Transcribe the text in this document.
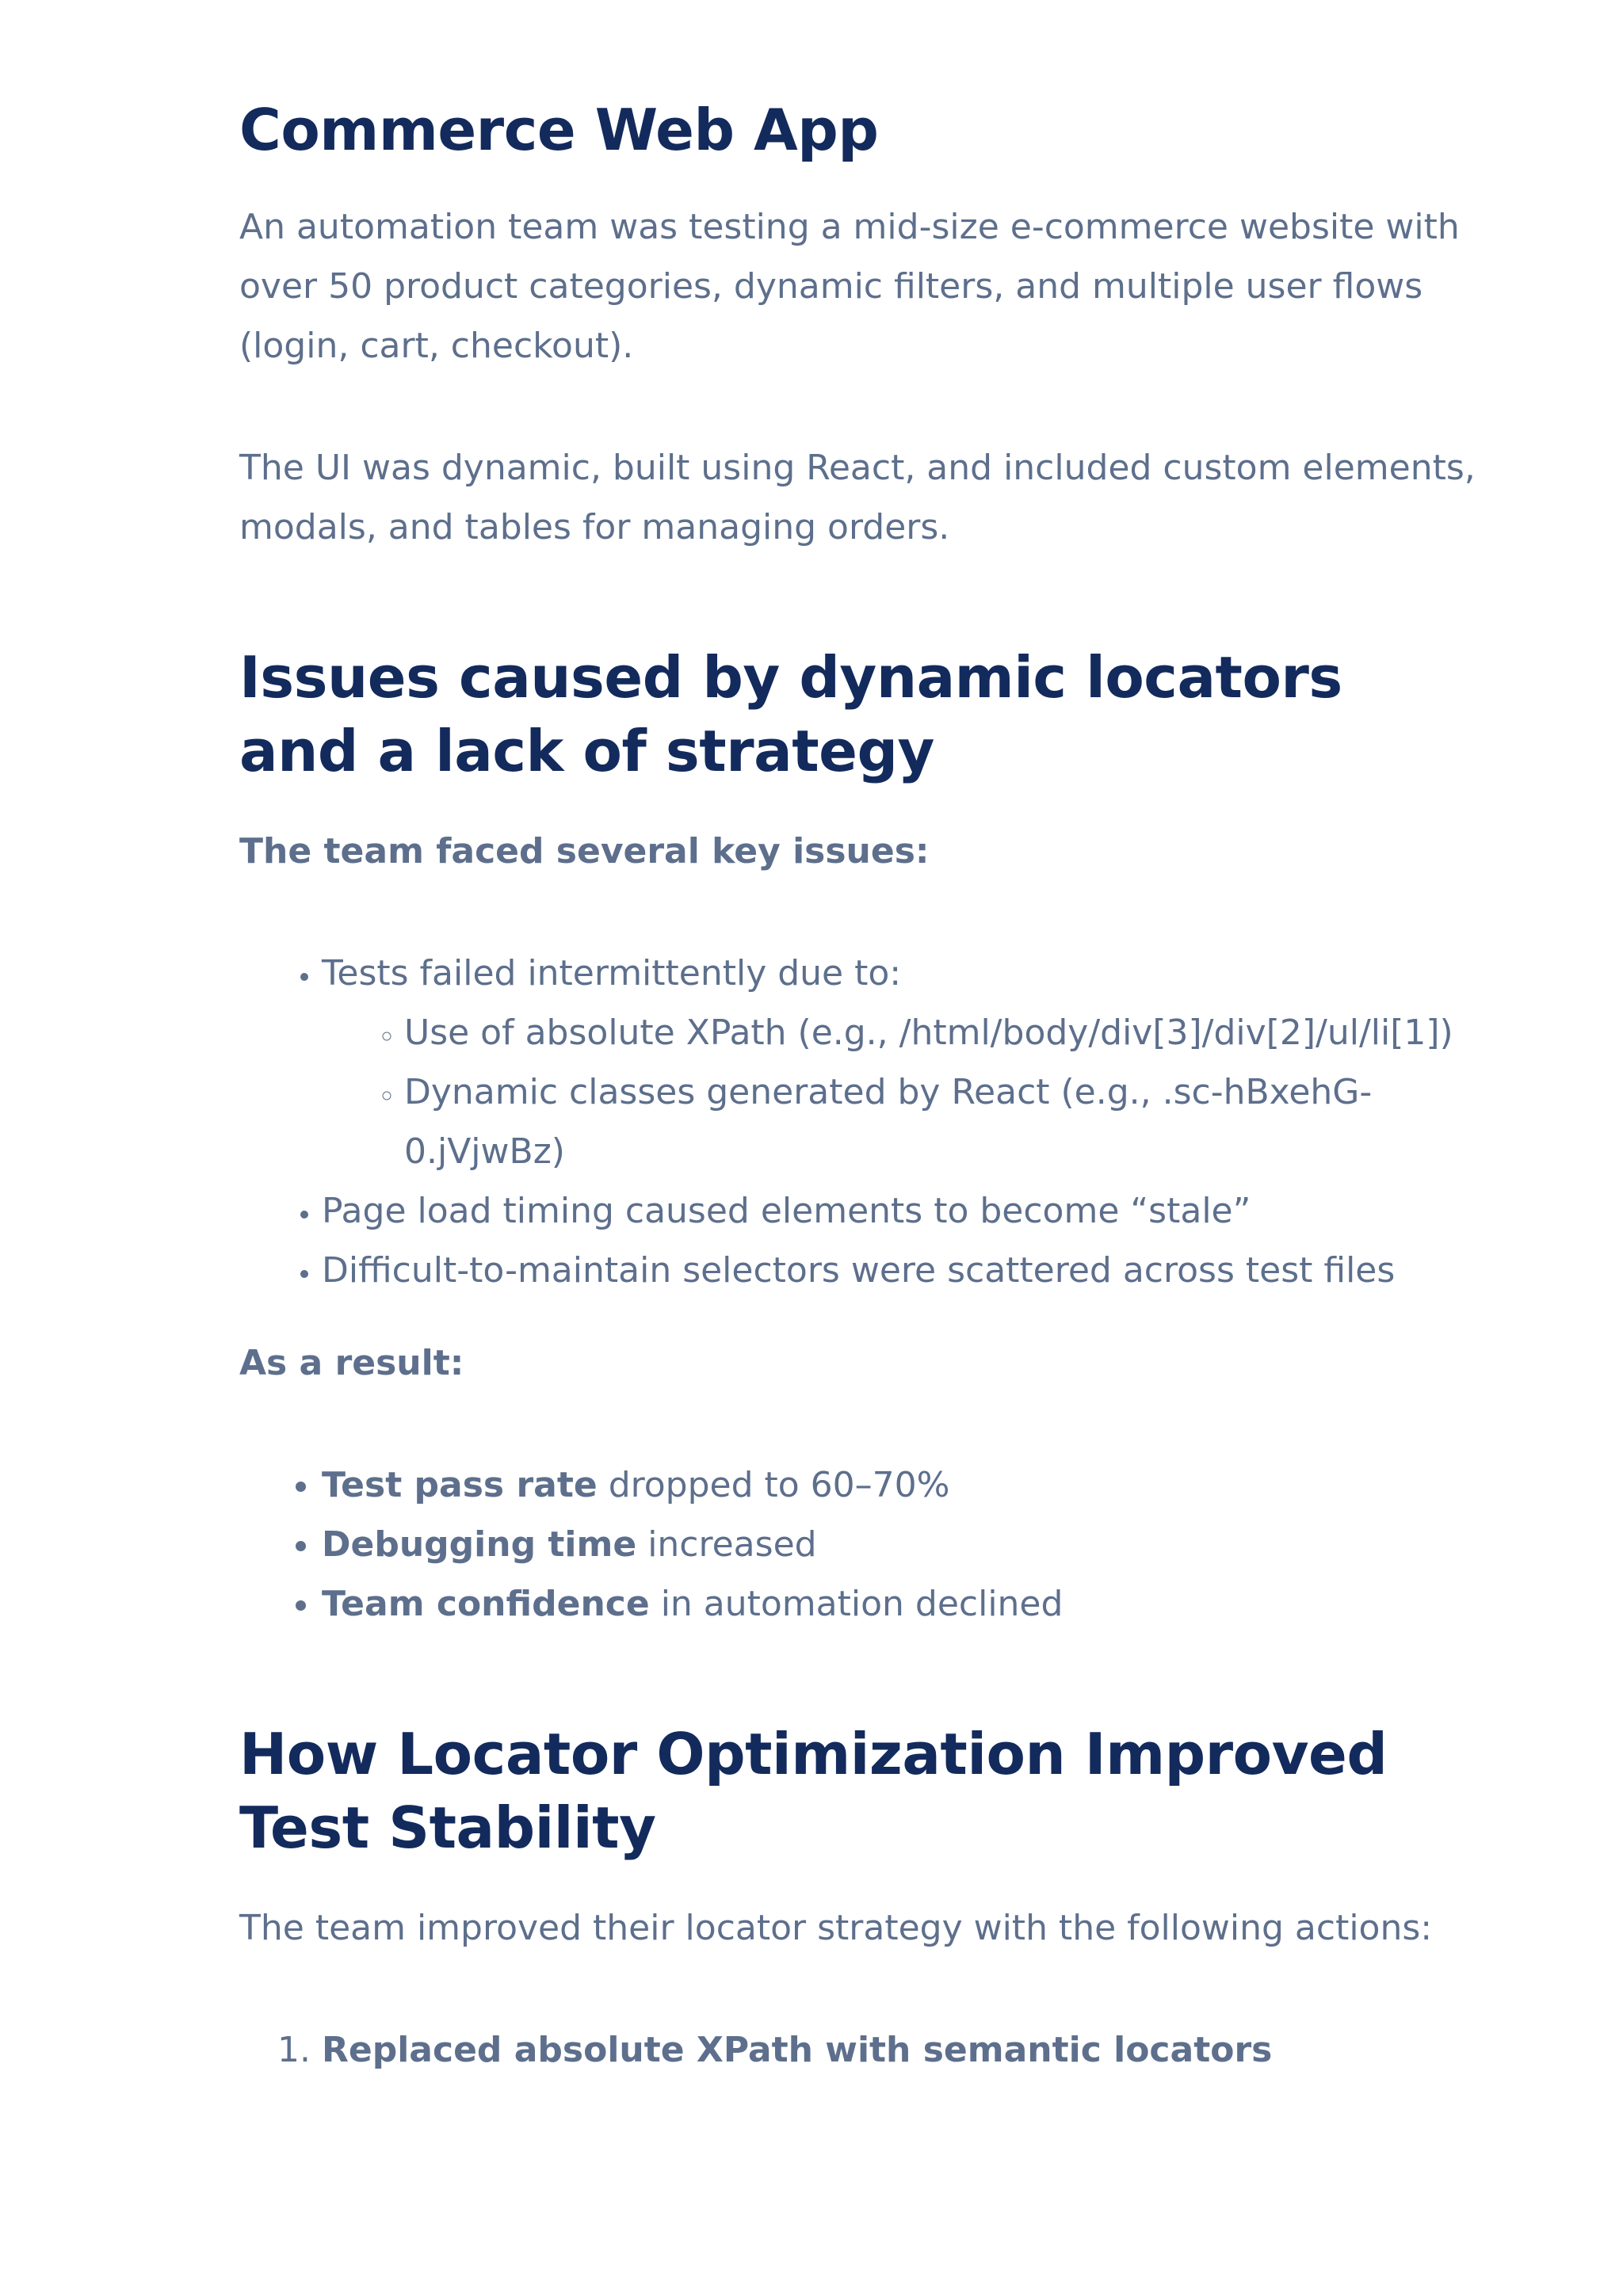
Commerce Web App

An automation team was testing a mid-size e-commerce website with over 50 product categories, dynamic filters, and multiple user flows (login, cart, checkout).

The UI was dynamic, built using React, and included custom elements, modals, and tables for managing orders.

Issues caused by dynamic locators and a lack of strategy

The team faced several key issues:

• Tests failed intermittently due to:
◦ Use of absolute XPath (e.g., /html/body/div[3]/div[2]/ul/li[1])
◦ Dynamic classes generated by React (e.g., .sc-hBxehG-0.jVjwBz)
• Page load timing caused elements to become “stale”
• Difficult-to-maintain selectors were scattered across test files

As a result:

• Test pass rate dropped to 60–70%
• Debugging time increased
• Team confidence in automation declined
How Locator Optimization Improved Test Stability

The team improved their locator strategy with the following actions:

1. Replaced absolute XPath with semantic locators
